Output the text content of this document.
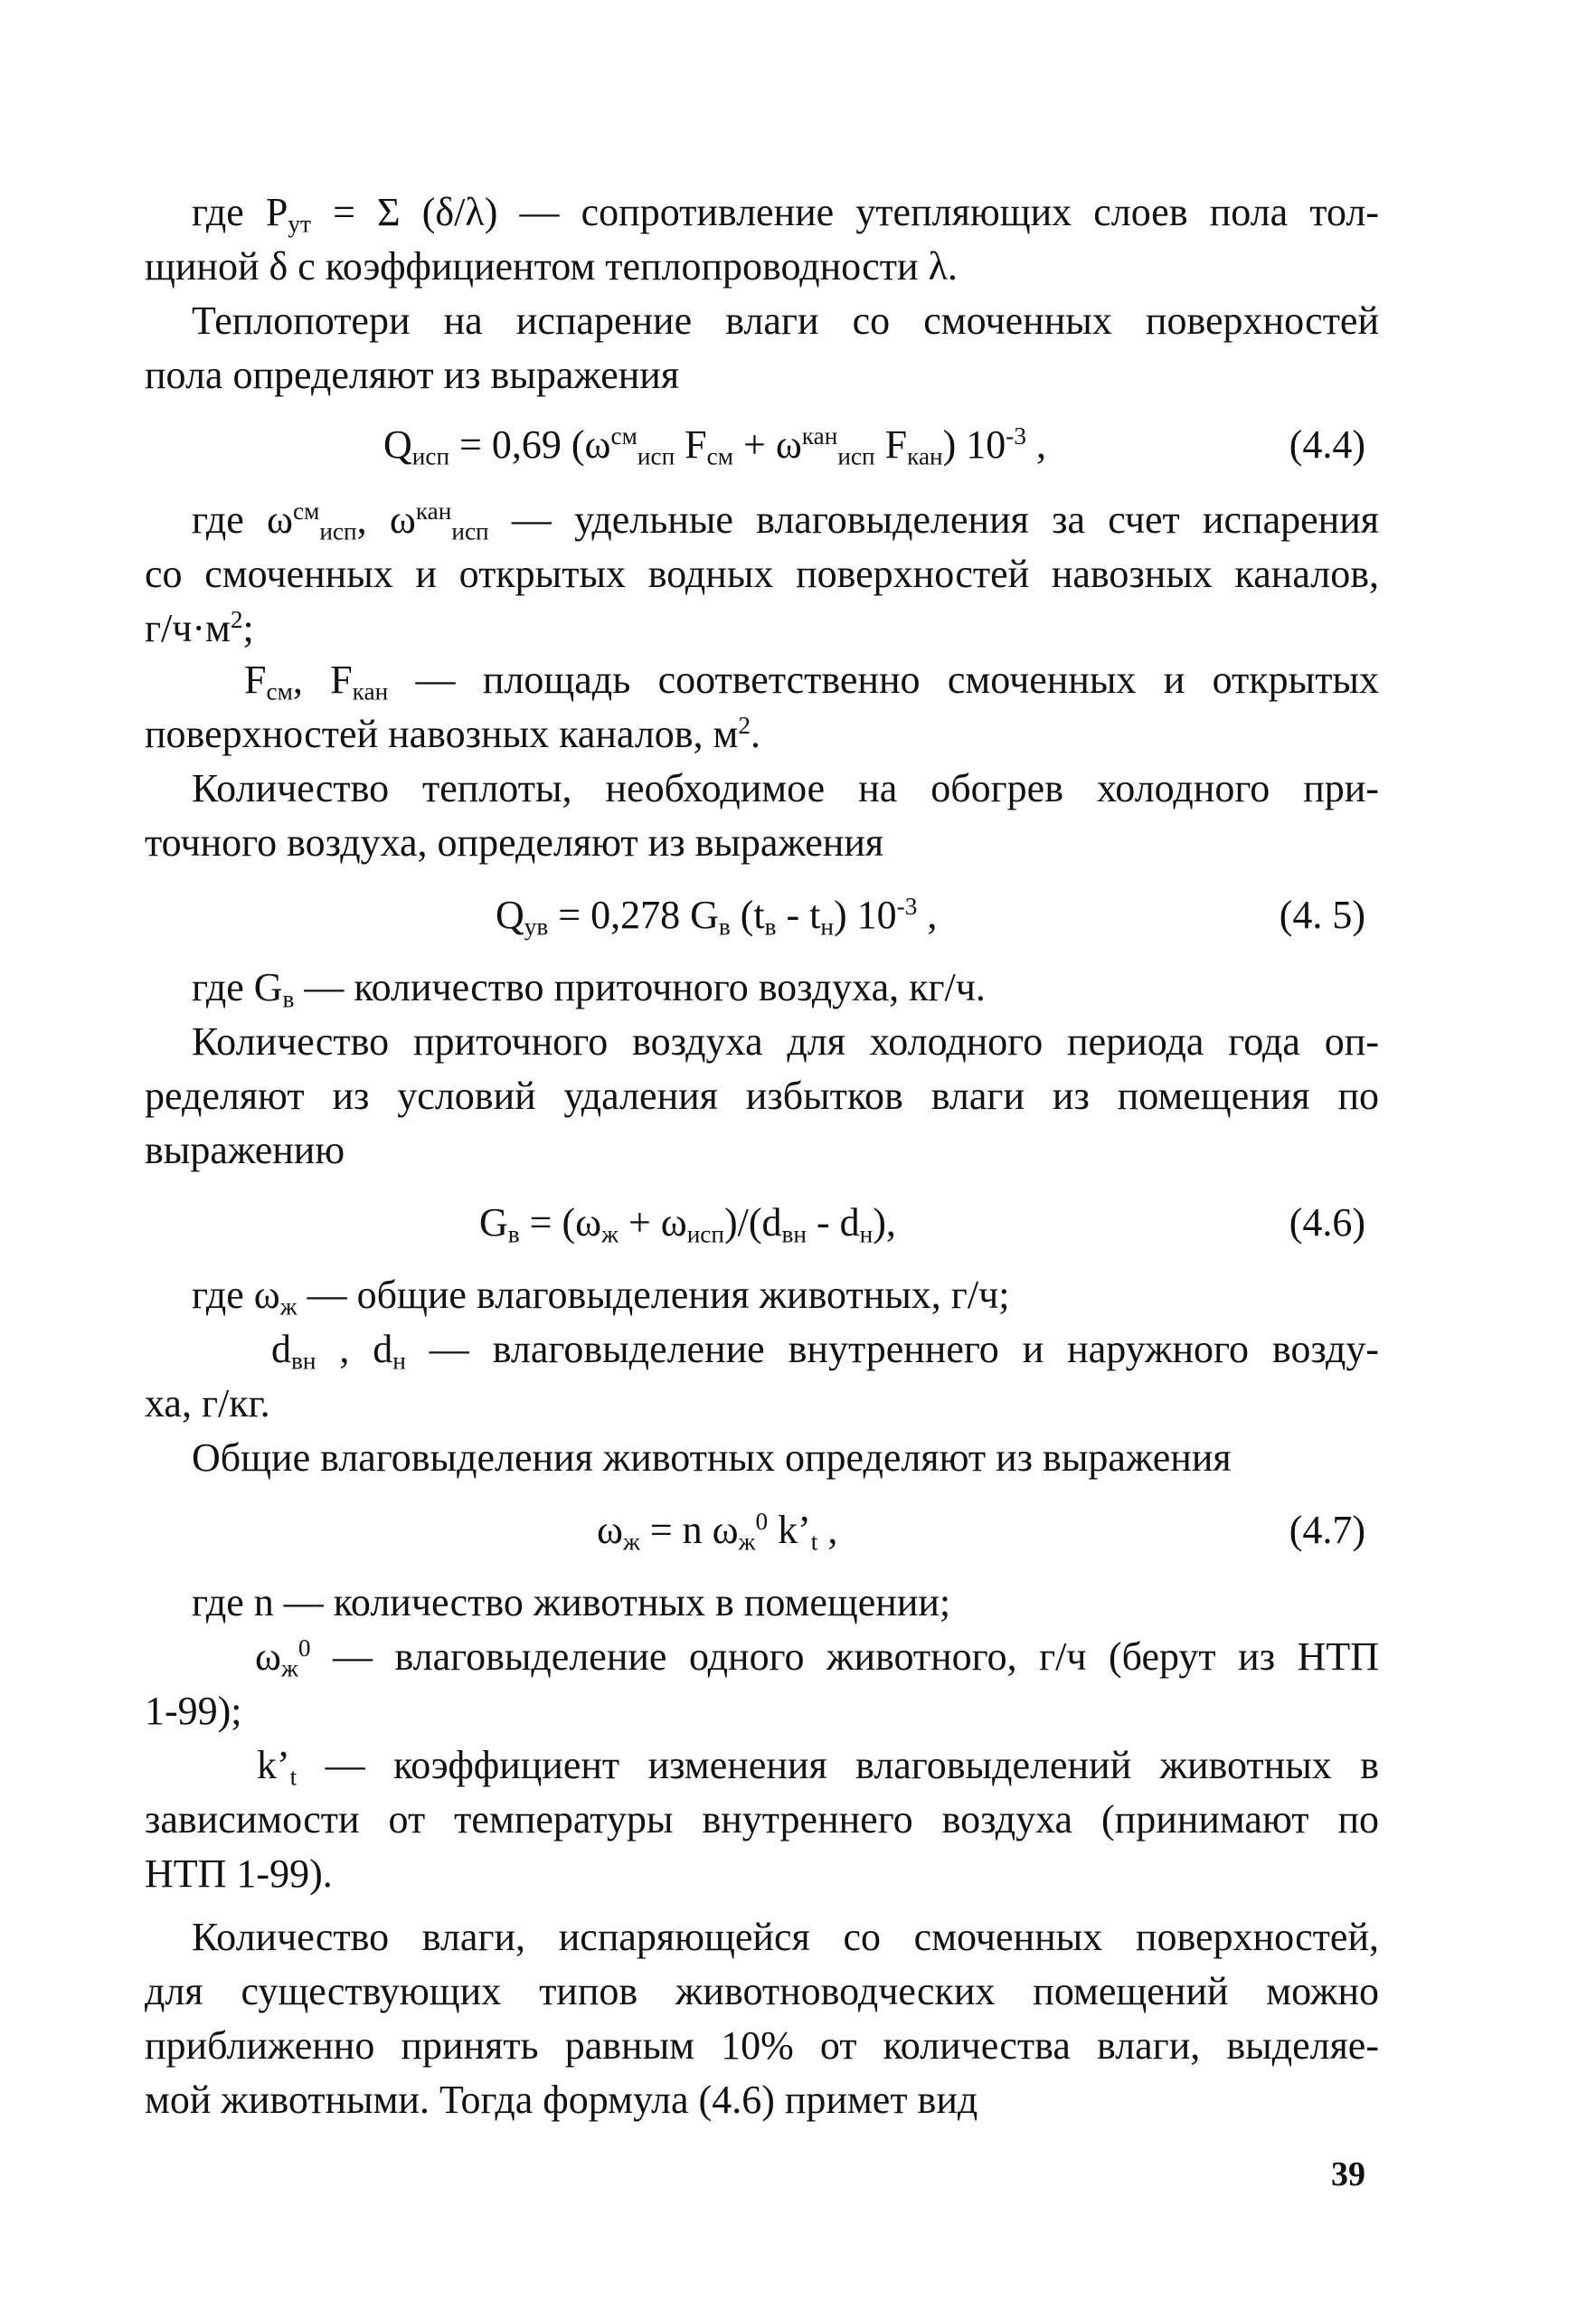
где $P_{ут} = \Sigma$ (δ/λ) — сопротивление утепляющих слоев пола тол-
щиной δ с коэффициентом теплопроводности λ.
Теплопотери на испарение влаги со смоченных поверхностей
пола определяют из выражения
$Q_{исп} = 0,69$ ($\omega^{см}_{исп}$ $F_{см} + \omega^{кан}_{исп}$ $F_{кан}$) $10^{-3}$ ,	(4.4)
где $\omega^{см}_{исп}$, $\omega^{кан}_{исп}$ — удельные влаговыделения за счет испарения
со смоченных и открытых водных поверхностей навозных каналов,
$г/ч\cdot м^2$;
$F_{см}$, $F_{кан}$ — площадь соответственно смоченных и открытых
поверхностей навозных каналов, $м^2$.
Количество теплоты, необходимое на обогрев холодного при-
точного воздуха, определяют из выражения
$Q_{ув} = 0,278$ $G_в$ $(t_в - t_н)$ $10^{-3}$ ,	(4. 5)
где $G_в$ — количество приточного воздуха, кг/ч.
Количество приточного воздуха для холодного периода года оп-
ределяют из условий удаления избытков влаги из помещения по
выражению
$G_в = (\omega_ж + \omega_{исп})/(d_{вн} - d_н)$,	(4.6)
где $\omega_ж$ — общие влаговыделения животных, г/ч;
$d_{вн}$ , $d_н$ — влаговыделение внутреннего и наружного возду-
ха, г/кг.
Общие влаговыделения животных определяют из выражения
$\omega_ж = n$ $\omega_ж^0$ $k’_t$ ,	(4.7)
где n — количество животных в помещении;
$\omega_ж^0$ — влаговыделение одного животного, г/ч (берут из НТП
1-99);
$k’_t$ — коэффициент изменения влаговыделений животных в
зависимости от температуры внутреннего воздуха (принимают по
НТП 1-99).
Количество влаги, испаряющейся со смоченных поверхностей,
для существующих типов животноводческих помещений можно
приближенно принять равным 10% от количества влаги, выделяе-
мой животными. Тогда формула (4.6) примет вид
39
